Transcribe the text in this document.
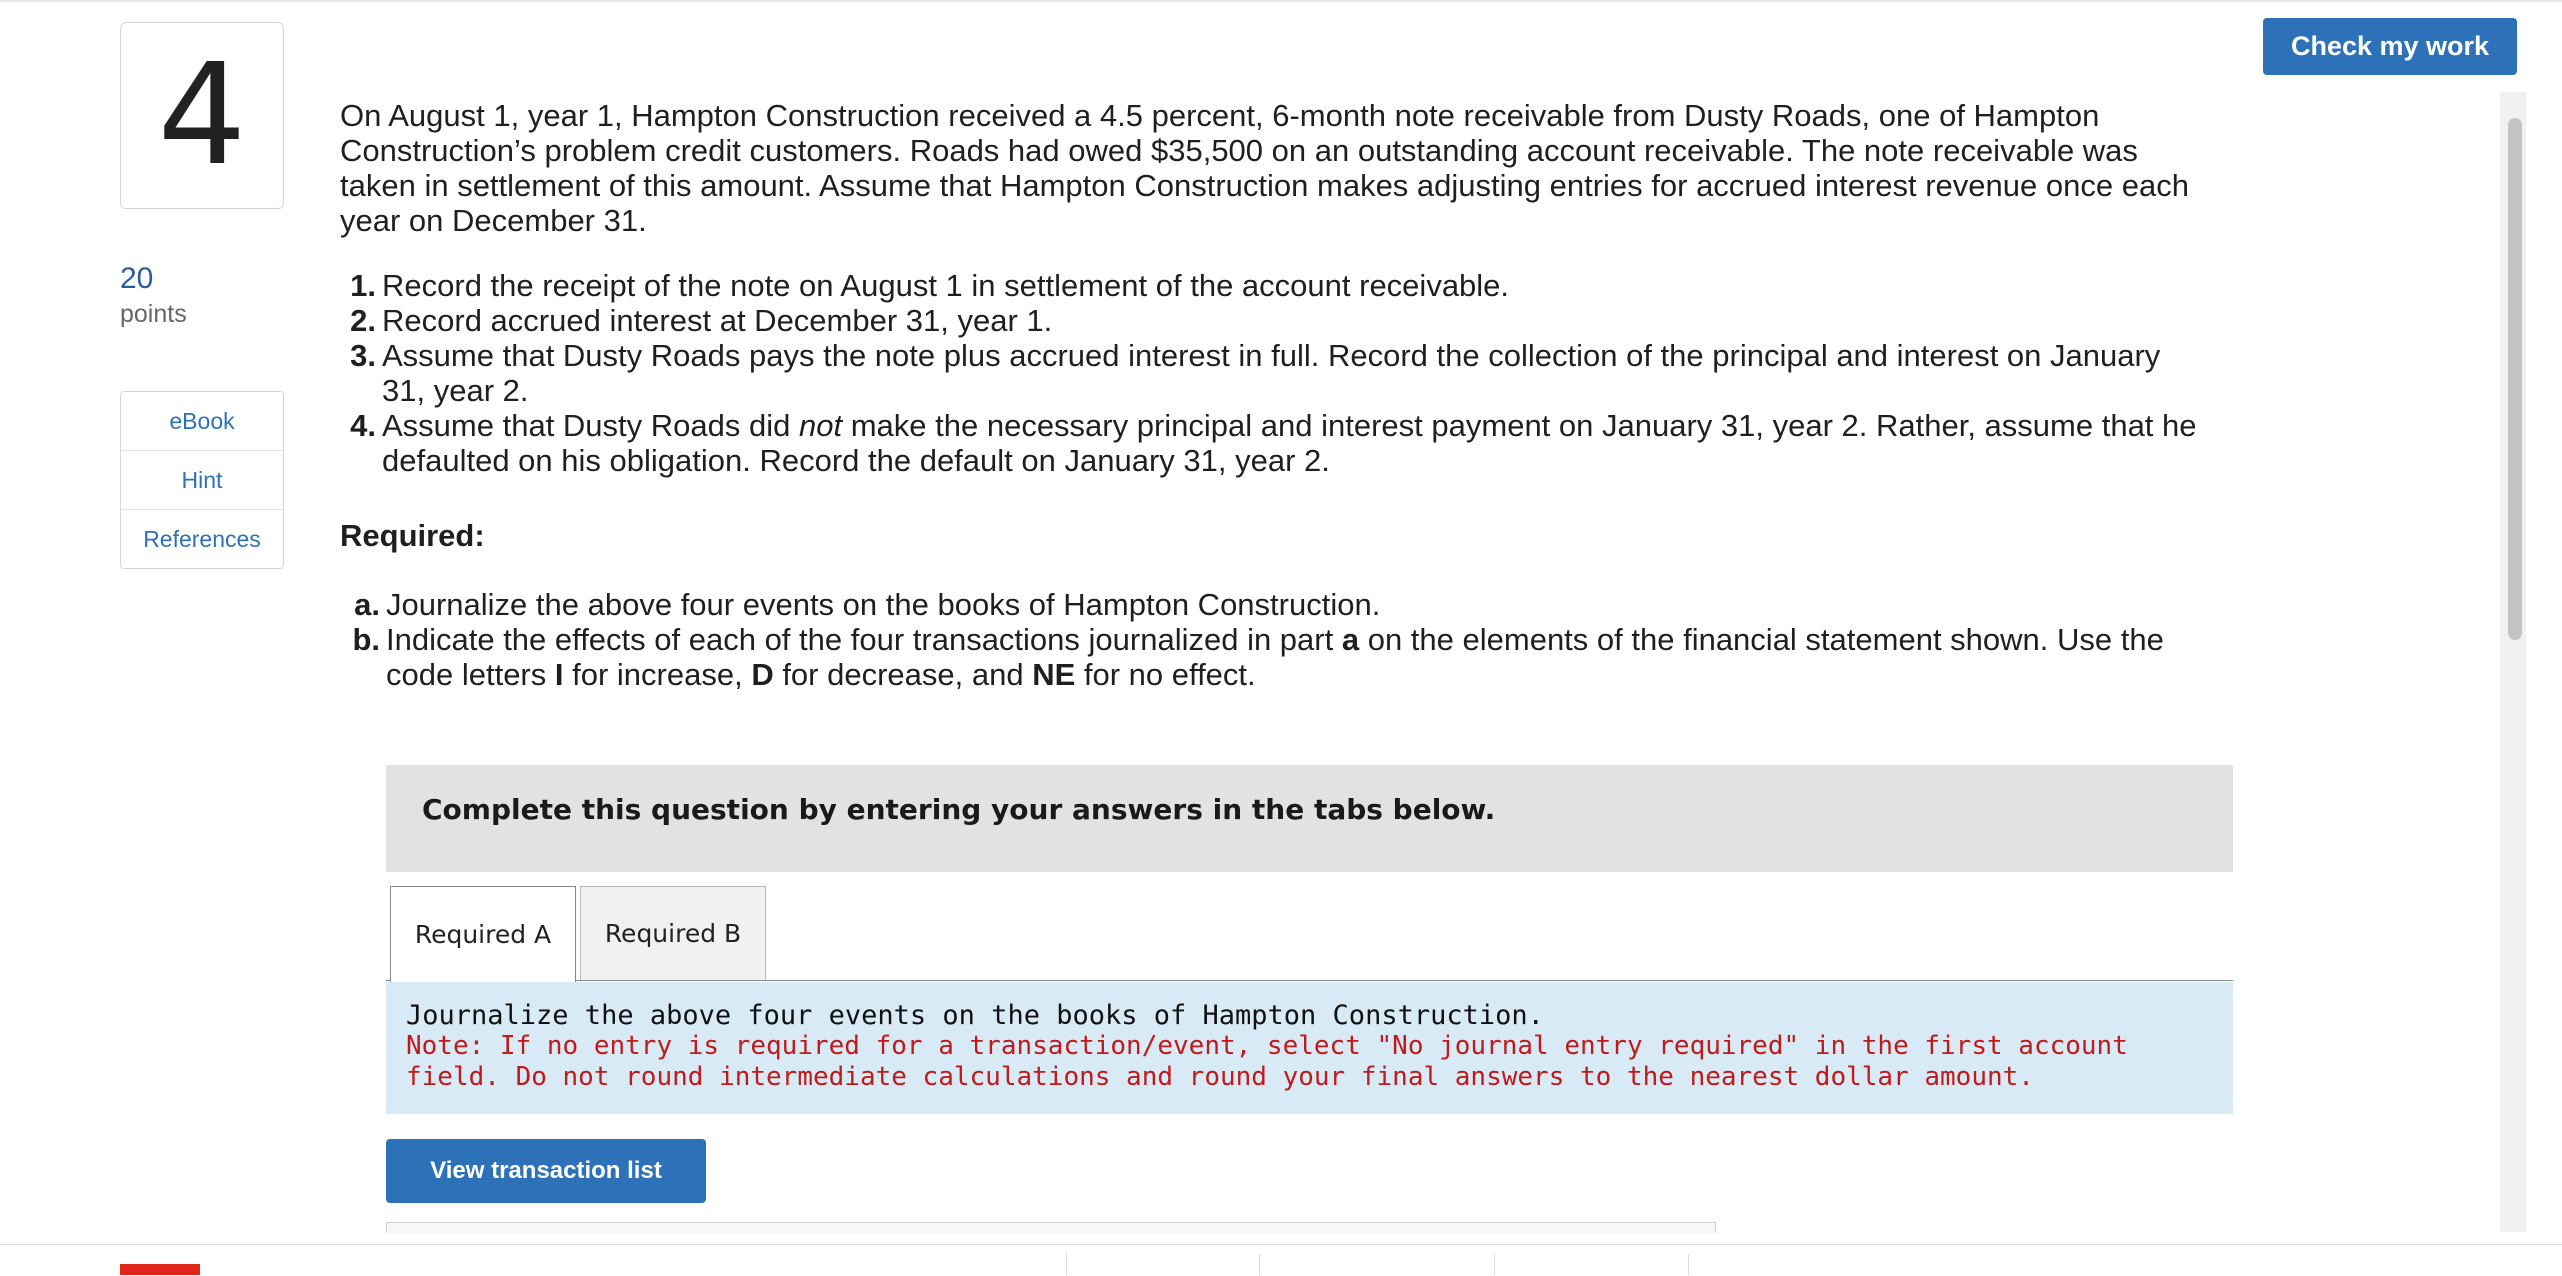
Check my work
4
20
points
eBook
Hint
References

On August 1, year 1, Hampton Construction received a 4.5 percent, 6-month note receivable from Dusty Roads, one of Hampton Construction’s problem credit customers. Roads had owed $35,500 on an outstanding account receivable. The note receivable was taken in settlement of this amount. Assume that Hampton Construction makes adjusting entries for accrued interest revenue once each year on December 31.

1. Record the receipt of the note on August 1 in settlement of the account receivable.
2. Record accrued interest at December 31, year 1.
3. Assume that Dusty Roads pays the note plus accrued interest in full. Record the collection of the principal and interest on January 31, year 2.
4. Assume that Dusty Roads did not make the necessary principal and interest payment on January 31, year 2. Rather, assume that he defaulted on his obligation. Record the default on January 31, year 2.

Required:

a. Journalize the above four events on the books of Hampton Construction.
b. Indicate the effects of each of the four transactions journalized in part a on the elements of the financial statement shown. Use the code letters I for increase, D for decrease, and NE for no effect.
Complete this question by entering your answers in the tabs below.
Required A	Required B
Journalize the above four events on the books of Hampton Construction.
Note: If no entry is required for a transaction/event, select "No journal entry required" in the first account field. Do not round intermediate calculations and round your final answers to the nearest dollar amount.
View transaction list
